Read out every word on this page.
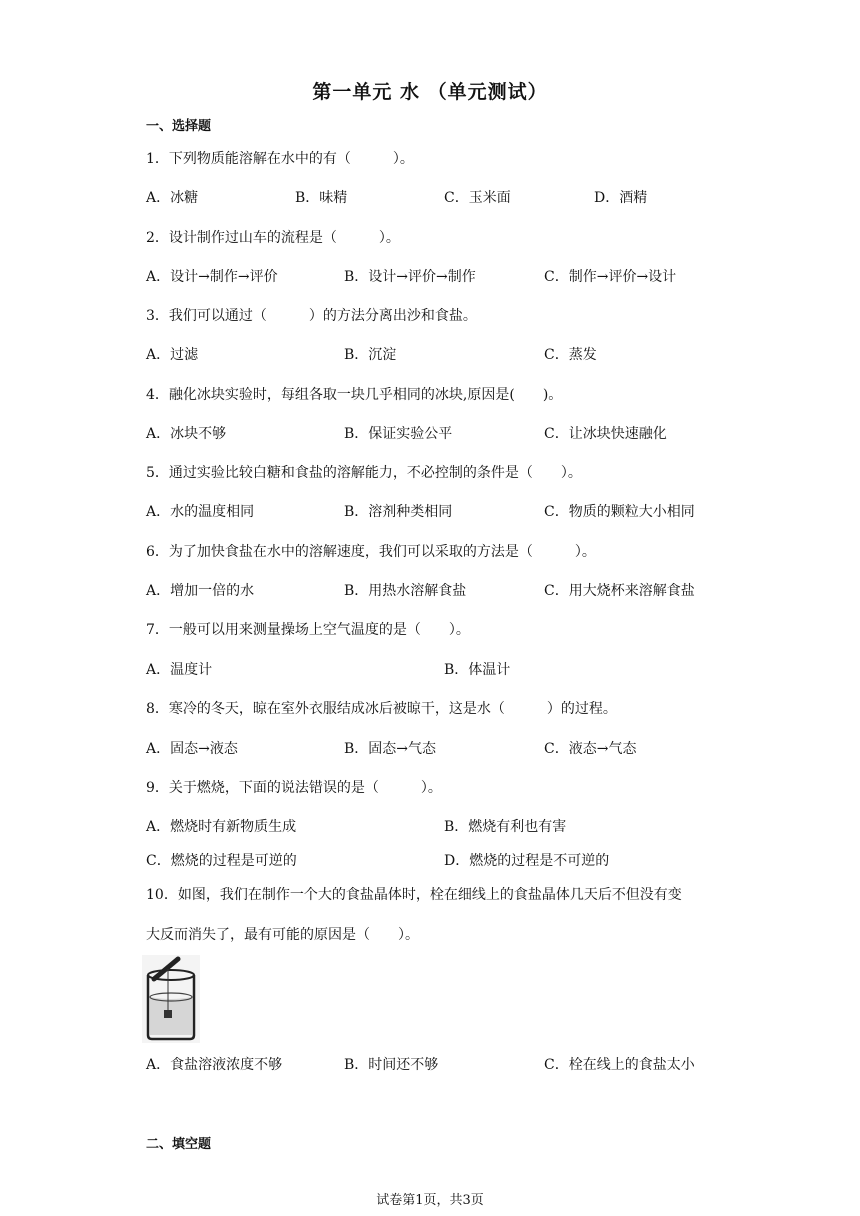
第一单元 水 （单元测试）
一、选择题
1．下列物质能溶解在水中的有（　　　）。
A．冰糖	B．味精	C．玉米面	D．酒精
2．设计制作过山车的流程是（　　　）。
A．设计→制作→评价	B．设计→评价→制作	C．制作→评价→设计
3．我们可以通过（　　　）的方法分离出沙和食盐。
A．过滤	B．沉淀	C．蒸发
4．融化冰块实验时，每组各取一块几乎相同的冰块,原因是(　　)。
A．冰块不够	B．保证实验公平	C．让冰块快速融化
5．通过实验比较白糖和食盐的溶解能力，不必控制的条件是（　　）。
A．水的温度相同	B．溶剂种类相同	C．物质的颗粒大小相同
6．为了加快食盐在水中的溶解速度，我们可以采取的方法是（　　　）。
A．增加一倍的水	B．用热水溶解食盐	C．用大烧杯来溶解食盐
7．一般可以用来测量操场上空气温度的是（　　）。
A．温度计	B．体温计
8．寒冷的冬天，晾在室外衣服结成冰后被晾干，这是水（　　　）的过程。
A．固态→液态	B．固态→气态	C．液态→气态
9．关于燃烧，下面的说法错误的是（　　　）。
A．燃烧时有新物质生成	B．燃烧有利也有害
C．燃烧的过程是可逆的	D．燃烧的过程是不可逆的
10．如图，我们在制作一个大的食盐晶体时，栓在细线上的食盐晶体几天后不但没有变
大反而消失了，最有可能的原因是（　　）。
A．食盐溶液浓度不够	B．时间还不够	C．栓在线上的食盐太小
二、填空题
试卷第1页，共3页
